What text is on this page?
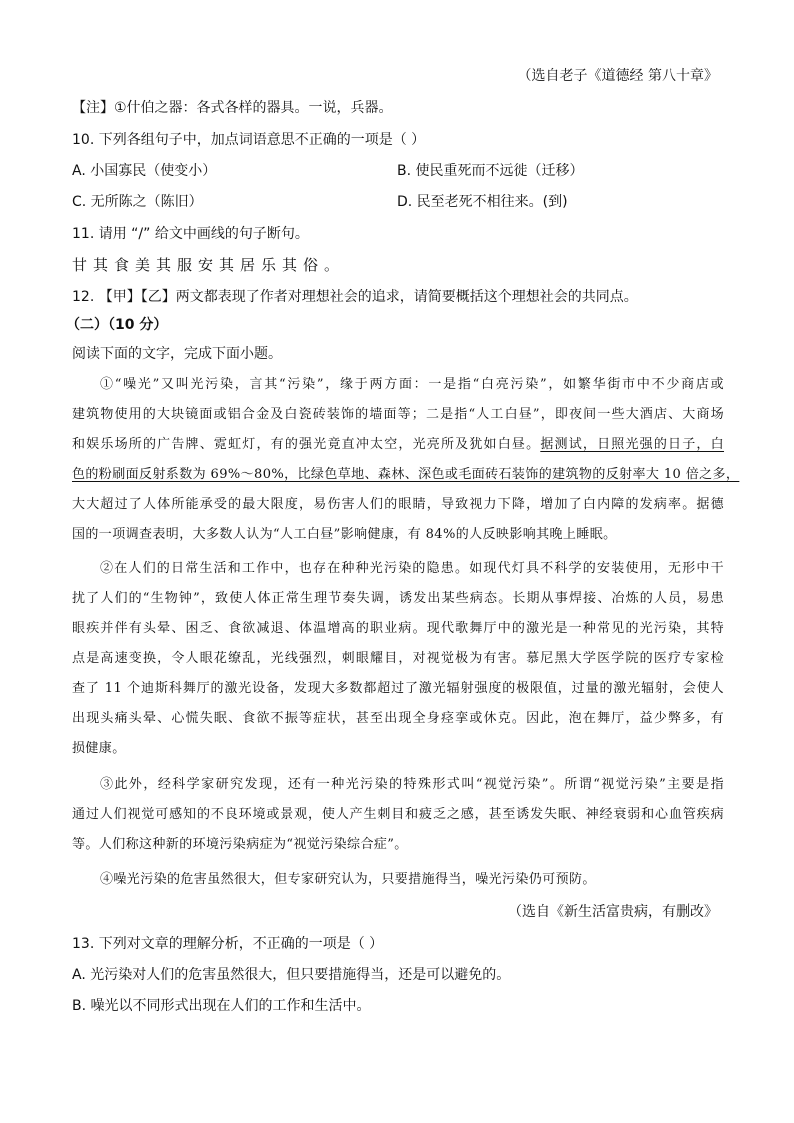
（选自老子《道德经 第八十章》
【注】①什伯之器：各式各样的器具。一说，兵器。
10. 下列各组句子中，加点词语意思不正确的一项是（ ）
A. 小国寡民（使变小）	B. 使民重死而不远徙（迁移）
C. 无所陈之（陈旧）	D. 民至老死不相往来。(到)
11. 请用 “/” 给文中画线的句子断句。
甘其食美其服安其居乐其俗。
12. 【甲】【乙】两文都表现了作者对理想社会的追求，请简要概括这个理想社会的共同点。
（二）（10 分）
阅读下面的文字，完成下面小题。
①“噪光”又叫光污染，言其“污染”，缘于两方面：一是指“白亮污染”，如繁华街市中不少商店或
建筑物使用的大块镜面或铝合金及白瓷砖装饰的墙面等；二是指“人工白昼”，即夜间一些大酒店、大商场
和娱乐场所的广告牌、霓虹灯，有的强光竟直冲太空，光亮所及犹如白昼。据测试，日照光强的日子，白
色的粉刷面反射系数为 69%～80%，比绿色草地、森林、深色或毛面砖石装饰的建筑物的反射率大 10 倍之多，
大大超过了人体所能承受的最大限度，易伤害人们的眼睛，导致视力下降，增加了白内障的发病率。据德
国的一项调查表明，大多数人认为“人工白昼”影响健康，有 84%的人反映影响其晚上睡眠。
②在人们的日常生活和工作中，也存在种种光污染的隐患。如现代灯具不科学的安装使用，无形中干
扰了人们的“生物钟”，致使人体正常生理节奏失调，诱发出某些病态。长期从事焊接、冶炼的人员，易患
眼疾并伴有头晕、困乏、食欲减退、体温增高的职业病。现代歌舞厅中的激光是一种常见的光污染，其特
点是高速变换，令人眼花缭乱，光线强烈，刺眼耀目，对视觉极为有害。慕尼黑大学医学院的医疗专家检
查了 11 个迪斯科舞厅的激光设备，发现大多数都超过了激光辐射强度的极限值，过量的激光辐射，会使人
出现头痛头晕、心慌失眠、食欲不振等症状，甚至出现全身痉挛或休克。因此，泡在舞厅，益少弊多，有
损健康。
③此外，经科学家研究发现，还有一种光污染的特殊形式叫“视觉污染”。所谓“视觉污染”主要是指
通过人们视觉可感知的不良环境或景观，使人产生刺目和疲乏之感，甚至诱发失眠、神经衰弱和心血管疾病
等。人们称这种新的环境污染病症为“视觉污染综合症”。
④噪光污染的危害虽然很大，但专家研究认为，只要措施得当，噪光污染仍可预防。
（选自《新生活富贵病，有删改》
13. 下列对文章的理解分析，不正确的一项是（ ）
A. 光污染对人们的危害虽然很大，但只要措施得当，还是可以避免的。
B. 噪光以不同形式出现在人们的工作和生活中。
